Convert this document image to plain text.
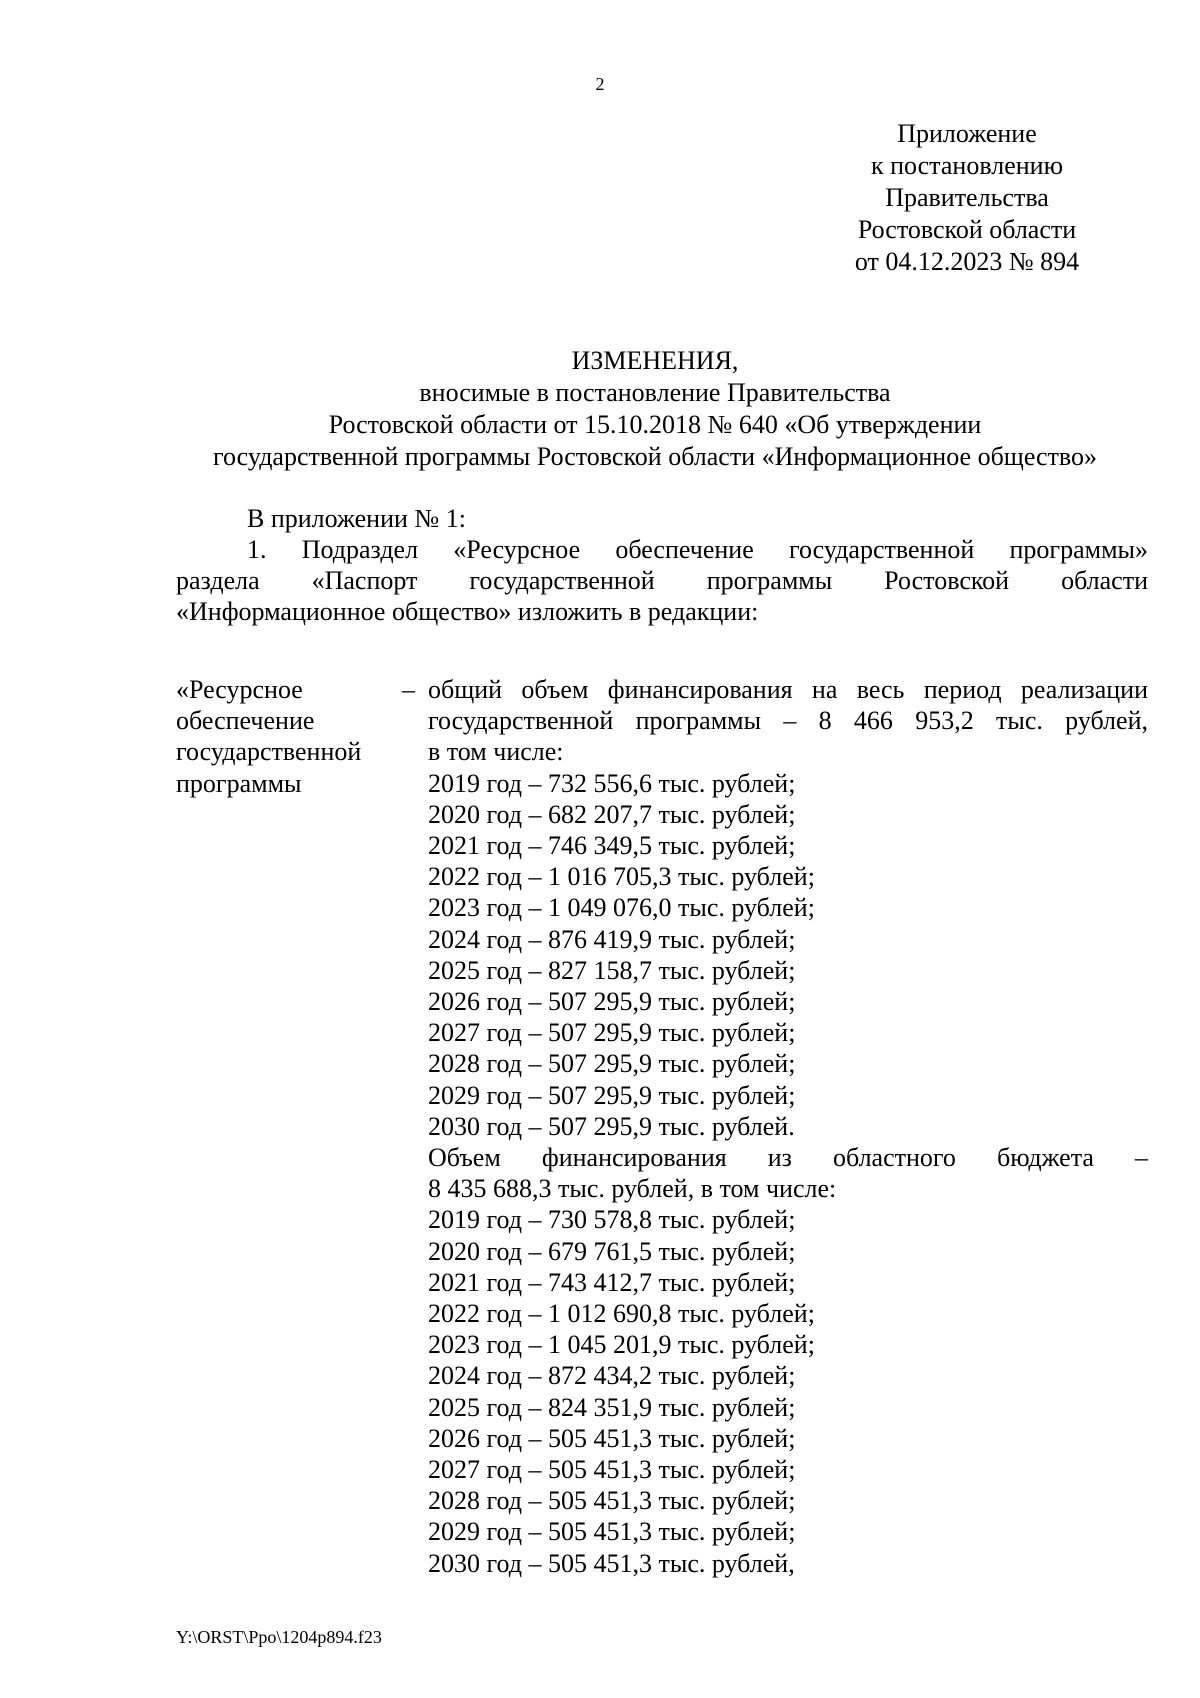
2
Приложение
к постановлению
Правительства
Ростовской области
от 04.12.2023 № 894
ИЗМЕНЕНИЯ,
вносимые в постановление Правительства
Ростовской области от 15.10.2018 № 640 «Об утверждении
государственной программы Ростовской области «Информационное общество»
В приложении № 1:
1. Подраздел «Ресурсное обеспечение государственной программы»
раздела «Паспорт государственной программы Ростовской области
«Информационное общество» изложить в редакции:
«Ресурсное
обеспечение
государственной
программы
– общий объем финансирования на весь период реализации
государственной программы – 8 466 953,2 тыс. рублей,
в том числе:
2019 год – 732 556,6 тыс. рублей;
2020 год – 682 207,7 тыс. рублей;
2021 год – 746 349,5 тыс. рублей;
2022 год – 1 016 705,3 тыс. рублей;
2023 год – 1 049 076,0 тыс. рублей;
2024 год – 876 419,9 тыс. рублей;
2025 год – 827 158,7 тыс. рублей;
2026 год – 507 295,9 тыс. рублей;
2027 год – 507 295,9 тыс. рублей;
2028 год – 507 295,9 тыс. рублей;
2029 год – 507 295,9 тыс. рублей;
2030 год – 507 295,9 тыс. рублей.
Объем финансирования из областного бюджета –
8 435 688,3 тыс. рублей, в том числе:
2019 год – 730 578,8 тыс. рублей;
2020 год – 679 761,5 тыс. рублей;
2021 год – 743 412,7 тыс. рублей;
2022 год – 1 012 690,8 тыс. рублей;
2023 год – 1 045 201,9 тыс. рублей;
2024 год – 872 434,2 тыс. рублей;
2025 год – 824 351,9 тыс. рублей;
2026 год – 505 451,3 тыс. рублей;
2027 год – 505 451,3 тыс. рублей;
2028 год – 505 451,3 тыс. рублей;
2029 год – 505 451,3 тыс. рублей;
2030 год – 505 451,3 тыс. рублей,
Y:\ORST\Ppo\1204p894.f23
